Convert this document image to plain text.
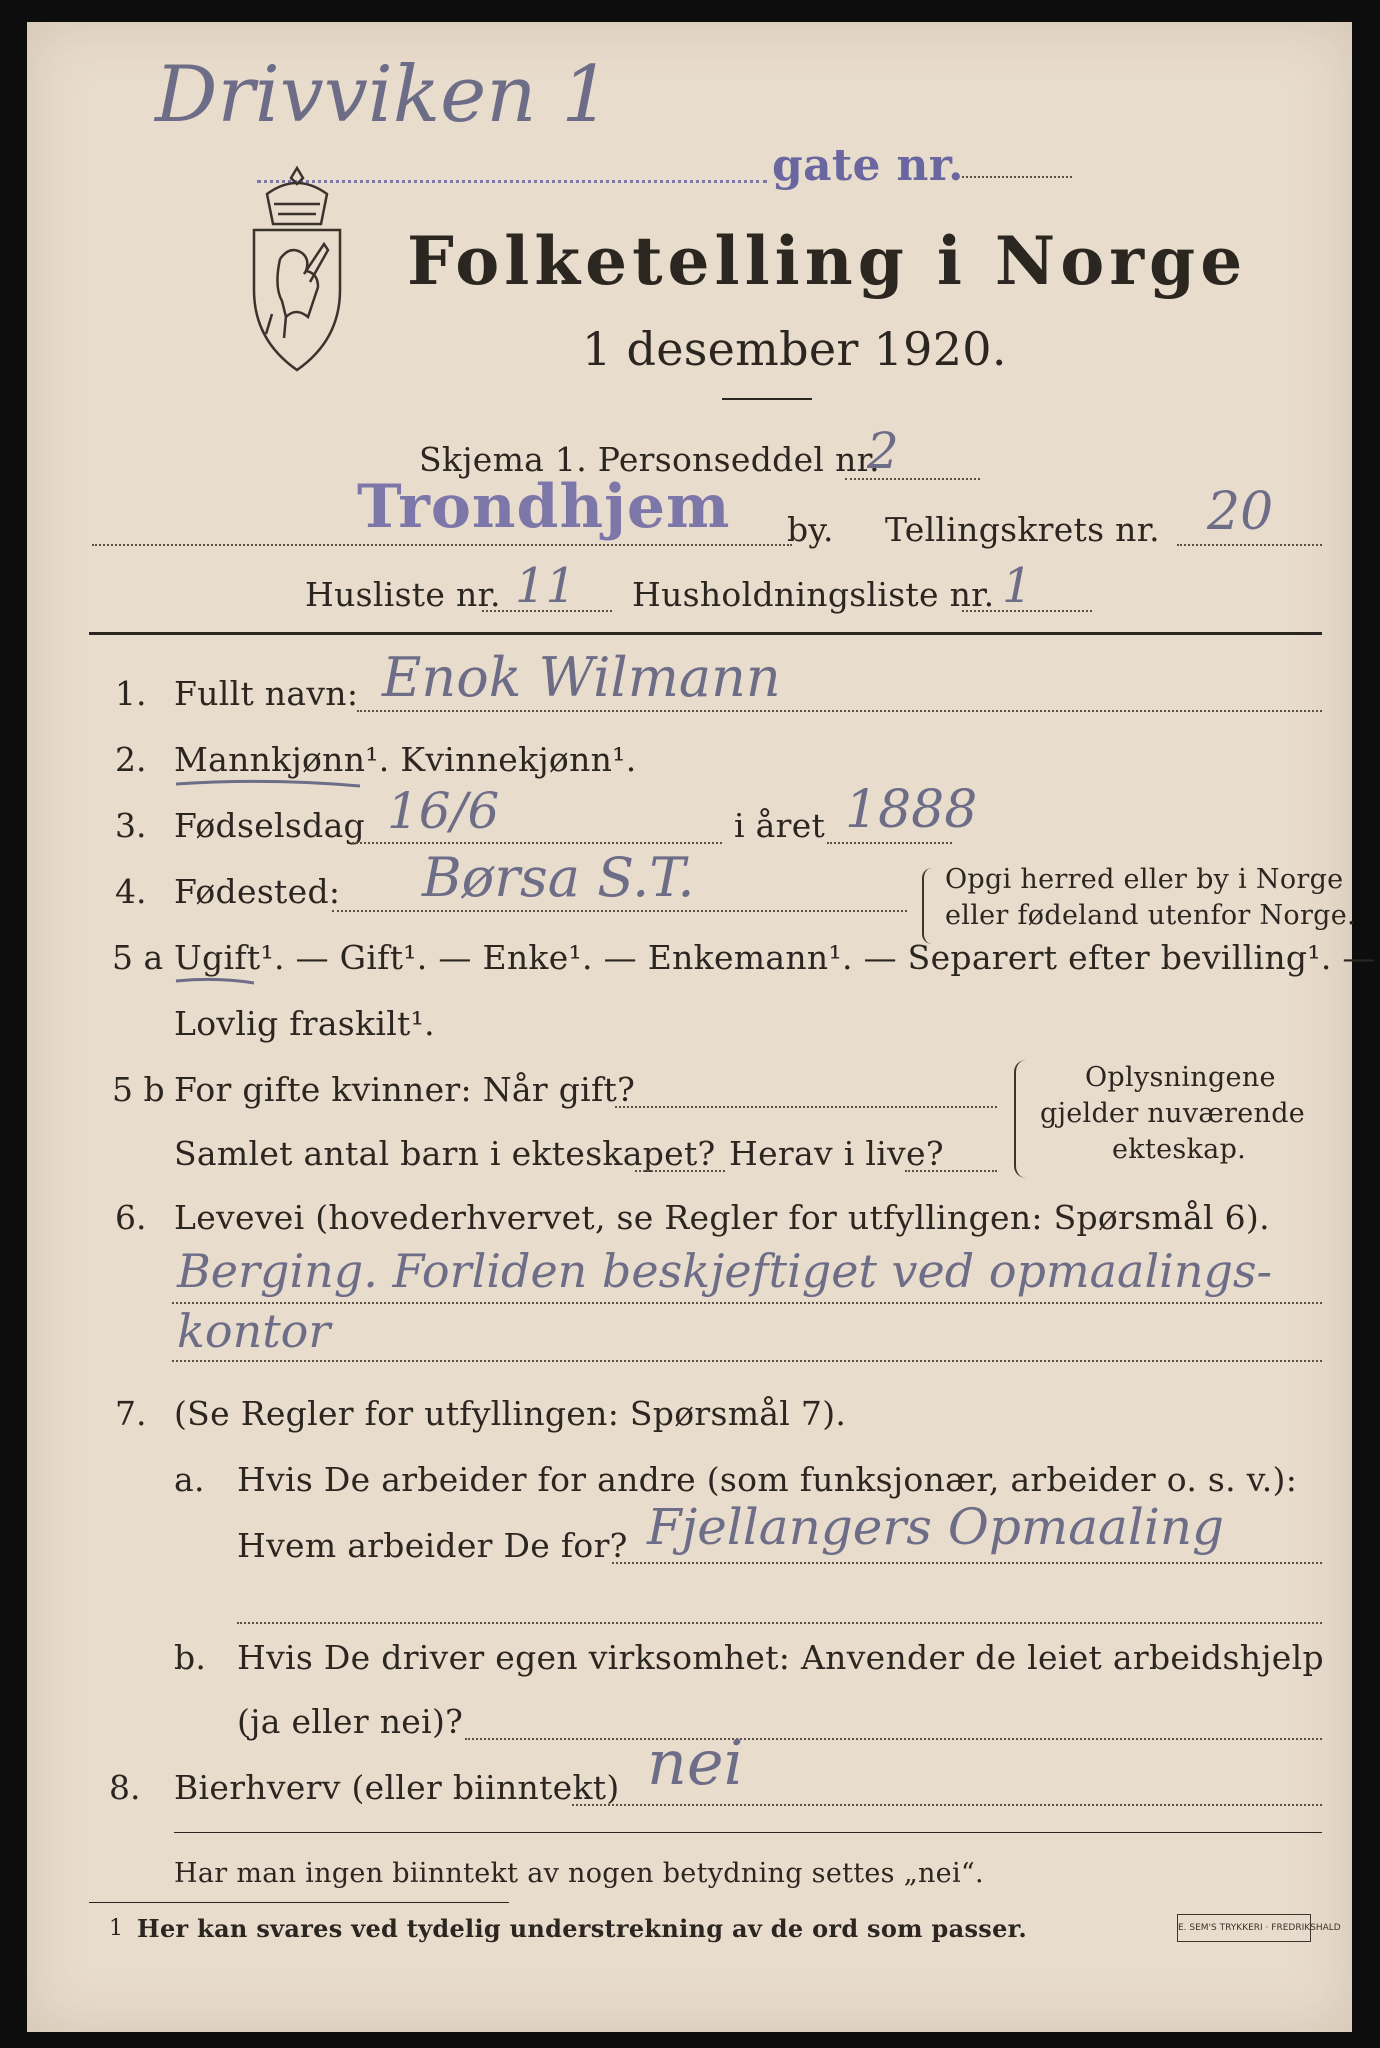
Drivviken 1
gate nr.
Folketelling i Norge
1 desember 1920.
Skjema 1. Personseddel nr.
2
Trondhjem by. Tellingskrets nr. 20
Husliste nr. 11 Husholdningsliste nr. 1
1. Fullt navn: Enok Wilmann
2. Mannkjønn¹. Kvinnekjønn¹.
3. Fødselsdag 16/6	i året 1888
4. Fødested: Børsa S.T.	Opgi herred eller by i Norge
eller fødeland utenfor Norge.
5 a Ugift¹. — Gift¹. — Enke¹. — Enkemann¹. — Separert efter bevilling¹. —
Lovlig fraskilt¹.
5 b For gifte kvinner: Når gift?
Samlet antal barn i ekteskapet? Herav i live?
Oplysningene
gjelder nuværende
ekteskap.
6. Levevei (hovederhvervet, se Regler for utfyllingen: Spørsmål 6).
Berging. Forliden beskjeftiget ved opmaalings-
kontor
7. (Se Regler for utfyllingen: Spørsmål 7).
a. Hvis De arbeider for andre (som funksjonær, arbeider o. s. v.):
Hvem arbeider De for? Fjellangers Opmaaling
b. Hvis De driver egen virksomhet: Anvender de leiet arbeidshjelp
(ja eller nei)?
8. Bierhverv (eller biinntekt) nei
Har man ingen biinntekt av nogen betydning settes „nei“.
1 Her kan svares ved tydelig understrekning av de ord som passer.	E. SEM'S TRYKKERI · FREDRIKSHALD
